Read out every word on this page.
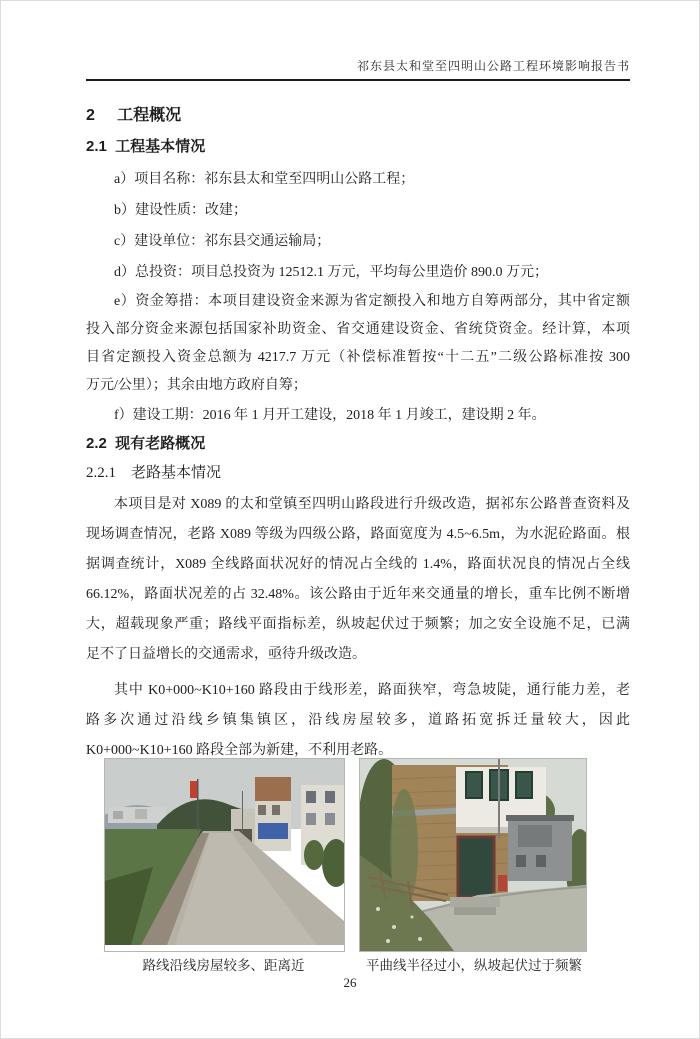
祁东县太和堂至四明山公路工程环境影响报告书
2     工程概况
2.1  工程基本情况
a）项目名称：祁东县太和堂至四明山公路工程；
b）建设性质：改建；
c）建设单位：祁东县交通运输局；
d）总投资：项目总投资为 12512.1 万元，平均每公里造价 890.0 万元；
e）资金筹措：本项目建设资金来源为省定额投入和地方自筹两部分，其中省定额
投入部分资金来源包括国家补助资金、省交通建设资金、省统贷资金。经计算，本项
目省定额投入资金总额为 4217.7 万元（补偿标准暂按“十二五”二级公路标准按 300
万元/公里）；其余由地方政府自筹；
f）建设工期：2016 年 1 月开工建设，2018 年 1 月竣工，建设期 2 年。
2.2  现有老路概况
2.2.1    老路基本情况
本项目是对 X089 的太和堂镇至四明山路段进行升级改造，据祁东公路普查资料及
现场调查情况，老路 X089 等级为四级公路，路面宽度为 4.5~6.5m，为水泥砼路面。根
据调查统计，X089 全线路面状况好的情况占全线的 1.4%，路面状况良的情况占全线
66.12%，路面状况差的占 32.48%。该公路由于近年来交通量的增长，重车比例不断增
大，超载现象严重；路线平面指标差，纵坡起伏过于频繁；加之安全设施不足，已满
足不了日益增长的交通需求，亟待升级改造。
其中 K0+000~K10+160 路段由于线形差，路面狭窄，弯急坡陡，通行能力差，老
路多次通过沿线乡镇集镇区，沿线房屋较多，道路拓宽拆迁量较大，因此
K0+000~K10+160 路段全部为新建，不利用老路。
路线沿线房屋较多、距离近	平曲线半径过小，纵坡起伏过于频繁
26
